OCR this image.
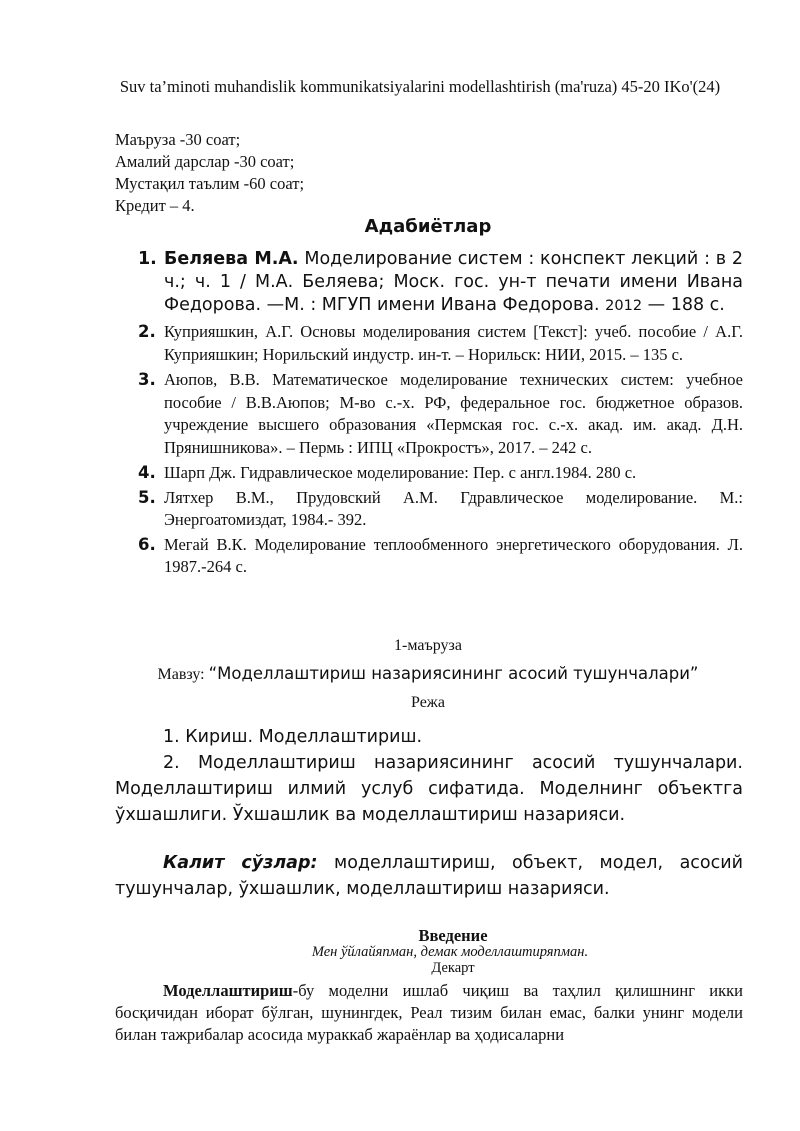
Suv ta’minoti muhandislik kommunikatsiyalarini modellashtirish (ma'ruza) 45-20 IKo'(24)
Маъруза -30 соат;
Амалий дарслар -30 соат;
Мустақил таълим -60 соат;
Кредит – 4.
Адабиётлар
1. Беляева М.А. Моделирование систем : конспект лекций : в 2 ч.; ч. 1 / М.А. Беляева; Моск. гос. ун-т печати имени Ивана Федорова. —М. : МГУП имени Ивана Федорова. 2012 — 188 с.
2. Куприяшкин, А.Г. Основы моделирования систем [Текст]: учеб. пособие / А.Г. Куприяшкин; Норильский индустр. ин-т. – Норильск: НИИ, 2015. – 135 с.
3. Аюпов, В.В. Математическое моделирование технических систем: учебное пособие / В.В.Аюпов; М-во с.-х. РФ, федеральное гос. бюджетное образов. учреждение высшего образования «Пермская гос. с.-х. акад. им. акад. Д.Н. Прянишникова». – Пермь : ИПЦ «Прокростъ», 2017. – 242 с.
4. Шарп Дж. Гидравлическое моделирование: Пер. с англ.1984. 280 с.
5. Лятхер В.М., Прудовский А.М. Гдравлическое моделирование. М.: Энергоатомиздат, 1984.- 392.
6. Мегай В.К. Моделирование теплообменного энергетического оборудования. Л. 1987.-264 с.
1-маъруза
Мавзу: “Моделлаштириш назариясининг асосий тушунчалари”
Режа

1. Кириш. Моделлаштириш.

2. Моделлаштириш назариясининг асосий тушунчалари. Моделлаштириш илмий услуб сифатида. Моделнинг объектга ўхшашлиги. Ўхшашлик ва моделлаштириш назарияси.

Калит сўзлар: моделлаштириш, объект, модел, асосий тушунчалар, ўхшашлик, моделлаштириш назарияси.
Введение
Мен ўйлайяпман, демак моделлаштиряпман.
Декарт
Моделлаштириш-бу моделни ишлаб чиқиш ва таҳлил қилишнинг икки босқичидан иборат бўлган, шунингдек, Реал тизим билан емас, балки унинг модели билан тажрибалар асосида мураккаб жараёнлар ва ҳодисаларни
